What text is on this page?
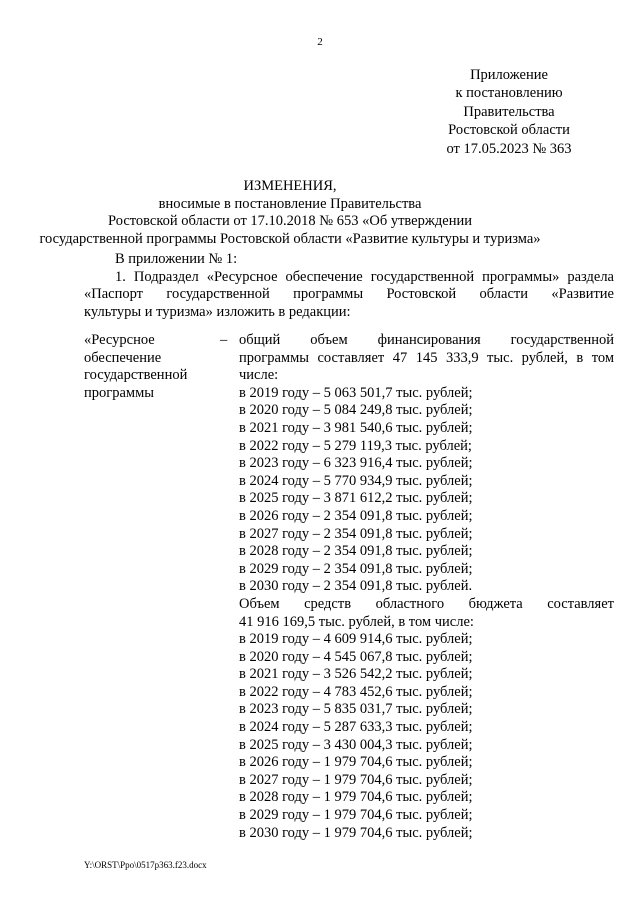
2
Приложение
к постановлению
Правительства
Ростовской области
от 17.05.2023 № 363
ИЗМЕНЕНИЯ,
вносимые в постановление Правительства
Ростовской области от 17.10.2018 № 653 «Об утверждении
государственной программы Ростовской области «Развитие культуры и туризма»

В приложении № 1:

1. Подраздел «Ресурсное обеспечение государственной программы» раздела «Паспорт государственной программы Ростовской области «Развитие

культуры и туризма» изложить в редакции:

«Ресурсное обеспечение государственной программы
– общий объем финансирования государственной
программы составляет 47 145 333,9 тыс. рублей, в том
числе:
в 2019 году – 5 063 501,7 тыс. рублей;
в 2020 году – 5 084 249,8 тыс. рублей;
в 2021 году – 3 981 540,6 тыс. рублей;
в 2022 году – 5 279 119,3 тыс. рублей;
в 2023 году – 6 323 916,4 тыс. рублей;
в 2024 году – 5 770 934,9 тыс. рублей;
в 2025 году – 3 871 612,2 тыс. рублей;
в 2026 году – 2 354 091,8 тыс. рублей;
в 2027 году – 2 354 091,8 тыс. рублей;
в 2028 году – 2 354 091,8 тыс. рублей;
в 2029 году – 2 354 091,8 тыс. рублей;
в 2030 году – 2 354 091,8 тыс. рублей.
Объем средств областного бюджета составляет
41 916 169,5 тыс. рублей, в том числе:
в 2019 году – 4 609 914,6 тыс. рублей;
в 2020 году – 4 545 067,8 тыс. рублей;
в 2021 году – 3 526 542,2 тыс. рублей;
в 2022 году – 4 783 452,6 тыс. рублей;
в 2023 году – 5 835 031,7 тыс. рублей;
в 2024 году – 5 287 633,3 тыс. рублей;
в 2025 году – 3 430 004,3 тыс. рублей;
в 2026 году – 1 979 704,6 тыс. рублей;
в 2027 году – 1 979 704,6 тыс. рублей;
в 2028 году – 1 979 704,6 тыс. рублей;
в 2029 году – 1 979 704,6 тыс. рублей;
в 2030 году – 1 979 704,6 тыс. рублей;
Y:\ORST\Ppo\0517p363.f23.docx
